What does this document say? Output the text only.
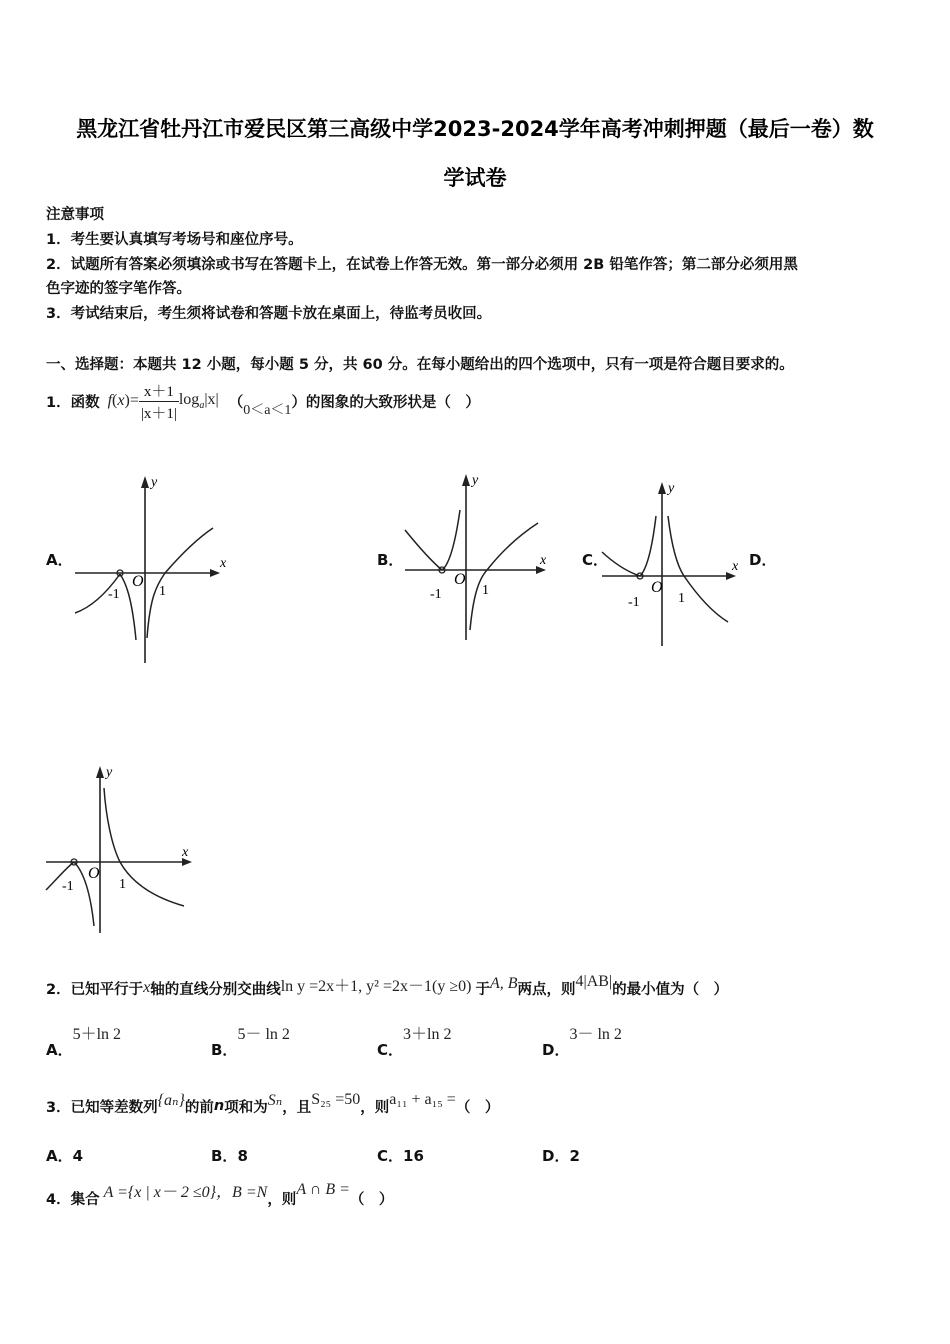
黑龙江省牡丹江市爱民区第三高级中学2023-2024学年高考冲刺押题（最后一卷）数
学试卷
注意事项
1．考生要认真填写考场号和座位序号。
2．试题所有答案必须填涂或书写在答题卡上，在试卷上作答无效。第一部分必须用 2B 铅笔作答；第二部分必须用黑
色字迹的签字笔作答。
3．考试结束后，考生须将试卷和答题卡放在桌面上，待监考员收回。
一、选择题：本题共 12 小题，每小题 5 分，共 60 分。在每小题给出的四个选项中，只有一项是符合题目要求的。
1．函数 $f(x)= \frac{x+1}{|x+1|} \log_a|x|$ （ 0＜a＜1 ）的图象的大致形状是（　）
A．	B．	C．	D．
x
y
-1	1
O
x
y
-1	1
O
x
y
-1	1
O
x
y
-1	1
O
2．已知平行于 x 轴的直线分别交曲线 ln y =2x＋1, y² =2x－1(y ≥0) 于 A, B 两点，则 4|AB| 的最小值为（　）
A．
5＋ln 2
B．
5－ ln 2
C．
3＋ln 2
D．
3－ ln 2
3．已知等差数列 {aₙ} 的前 n 项和为 Sₙ ，且 S₂₅ =50 ，则 a₁₁ + a₁₅ = （　）
A．4	B．8	C．16	D．2
4．集合 A ={x | x－ 2 ≤0}，B =N ，则
A ∩ B =
（　）
